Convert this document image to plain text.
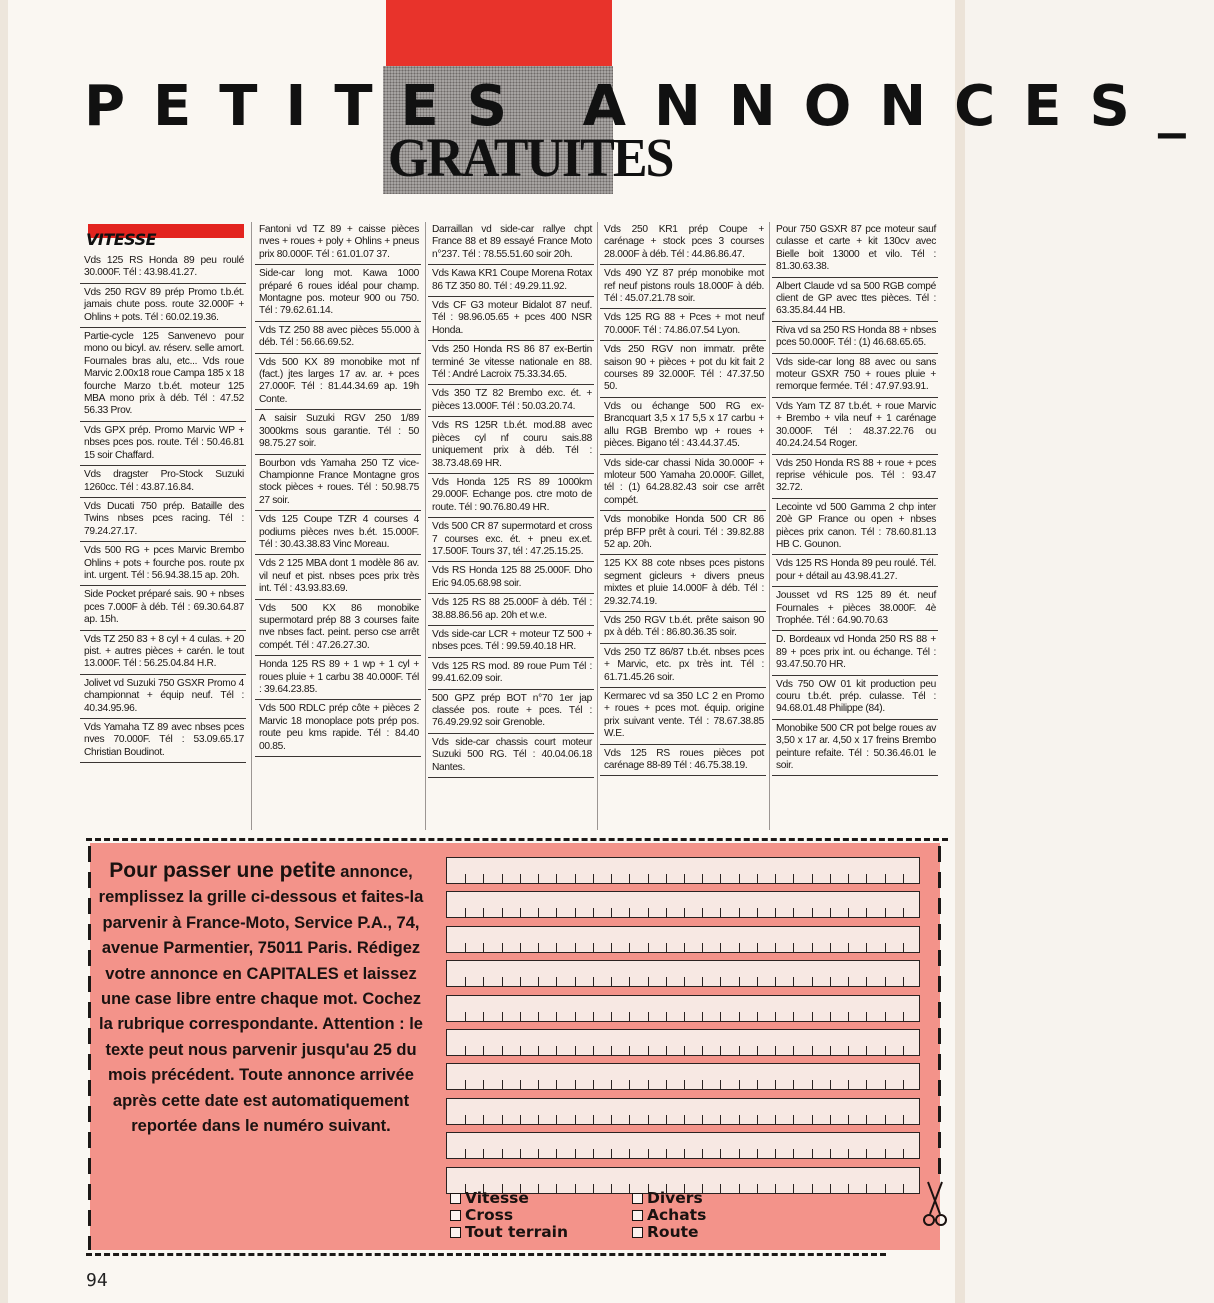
PETITES ANNONCES_
GRATUITES
VITESSE
Vds 125 RS Honda 89 peu roulé 30.000F. Tél : 43.98.41.27.
Vds 250 RGV 89 prép Promo t.b.ét. jamais chute poss. route 32.000F + Ohlins + pots. Tél : 60.02.19.36.
Partie-cycle 125 Sanvenevo pour mono ou bicyl. av. réserv. selle amort. Fournales bras alu, etc... Vds roue Marvic 2.00x18 roue Campa 185 x 18 fourche Marzo t.b.ét. moteur 125 MBA mono prix à déb. Tél : 47.52 56.33 Prov.
Vds GPX prép. Promo Marvic WP + nbses pces pos. route. Tél : 50.46.81 15 soir Chaffard.
Vds dragster Pro-Stock Suzuki 1260cc. Tél : 43.87.16.84.
Vds Ducati 750 prép. Bataille des Twins nbses pces racing. Tél : 79.24.27.17.
Vds 500 RG + pces Marvic Brembo Ohlins + pots + fourche pos. route px int. urgent. Tél : 56.94.38.15 ap. 20h.
Side Pocket préparé sais. 90 + nbses pces 7.000F à déb. Tél : 69.30.64.87 ap. 15h.
Vds TZ 250 83 + 8 cyl + 4 culas. + 20 pist. + autres pièces + carén. le tout 13.000F. Tél : 56.25.04.84 H.R.
Jolivet vd Suzuki 750 GSXR Promo 4 championnat + équip neuf. Tél : 40.34.95.96.
Vds Yamaha TZ 89 avec nbses pces nves 70.000F. Tél : 53.09.65.17 Christian Boudinot.
Fantoni vd TZ 89 + caisse pièces nves + roues + poly + Ohlins + pneus prix 80.000F. Tél : 61.01.07 37.
Side-car long mot. Kawa 1000 préparé 6 roues idéal pour champ. Montagne pos. moteur 900 ou 750. Tél : 79.62.61.14.
Vds TZ 250 88 avec pièces 55.000 à déb. Tél : 56.66.69.52.
Vds 500 KX 89 monobike mot nf (fact.) jtes larges 17 av. ar. + pces 27.000F. Tél : 81.44.34.69 ap. 19h Conte.
A saisir Suzuki RGV 250 1/89 3000kms sous garantie. Tél : 50 98.75.27 soir.
Bourbon vds Yamaha 250 TZ vice-Championne France Montagne gros stock pièces + roues. Tél : 50.98.75 27 soir.
Vds 125 Coupe TZR 4 courses 4 podiums pièces nves b.ét. 15.000F. Tél : 30.43.38.83 Vinc Moreau.
Vds 2 125 MBA dont 1 modèle 86 av. vil neuf et pist. nbses pces prix très int. Tél : 43.93.83.69.
Vds 500 KX 86 monobike supermotard prép 88 3 courses faite nve nbses fact. peint. perso cse arrêt compét. Tél : 47.26.27.30.
Honda 125 RS 89 + 1 wp + 1 cyl + roues pluie + 1 carbu 38 40.000F. Tél : 39.64.23.85.
Vds 500 RDLC prép côte + pièces 2 Marvic 18 monoplace pots prép pos. route peu kms rapide. Tél : 84.40 00.85.
Darraillan vd side-car rallye chpt France 88 et 89 essayé France Moto n°237. Tél : 78.55.51.60 soir 20h.
Vds Kawa KR1 Coupe Morena Rotax 86 TZ 350 80. Tél : 49.29.11.92.
Vds CF G3 moteur Bidalot 87 neuf. Tél : 98.96.05.65 + pces 400 NSR Honda.
Vds 250 Honda RS 86 87 ex-Bertin terminé 3e vitesse nationale en 88. Tél : André Lacroix 75.33.34.65.
Vds 350 TZ 82 Brembo exc. ét. + pièces 13.000F. Tél : 50.03.20.74.
Vds RS 125R t.b.ét. mod.88 avec pièces cyl nf couru sais.88 uniquement prix à déb. Tél : 38.73.48.69 HR.
Vds Honda 125 RS 89 1000km 29.000F. Echange pos. ctre moto de route. Tél : 90.76.80.49 HR.
Vds 500 CR 87 supermotard et cross 7 courses exc. ét. + pneu ex.et. 17.500F. Tours 37, tél : 47.25.15.25.
Vds RS Honda 125 88 25.000F. Dho Eric 94.05.68.98 soir.
Vds 125 RS 88 25.000F à déb. Tél : 38.88.86.56 ap. 20h et w.e.
Vds side-car LCR + moteur TZ 500 + nbses pces. Tél : 99.59.40.18 HR.
Vds 125 RS mod. 89 roue Pum Tél : 99.41.62.09 soir.
500 GPZ prép BOT n°70 1er jap classée pos. route + pces. Tél : 76.49.29.92 soir Grenoble.
Vds side-car chassis court moteur Suzuki 500 RG. Tél : 40.04.06.18 Nantes.
Vds 250 KR1 prép Coupe + carénage + stock pces 3 courses 28.000F à déb. Tél : 44.86.86.47.
Vds 490 YZ 87 prép monobike mot ref neuf pistons rouls 18.000F à déb. Tél : 45.07.21.78 soir.
Vds 125 RG 88 + Pces + mot neuf 70.000F. Tél : 74.86.07.54 Lyon.
Vds 250 RGV non immatr. prête saison 90 + pièces + pot du kit fait 2 courses 89 32.000F. Tél : 47.37.50 50.
Vds ou échange 500 RG ex-Brancquart 3,5 x 17 5,5 x 17 carbu + allu RGB Brembo wp + roues + pièces. Bigano tél : 43.44.37.45.
Vds side-car chassi Nida 30.000F + mloteur 500 Yamaha 20.000F. Gillet, tél : (1) 64.28.82.43 soir cse arrêt compét.
Vds monobike Honda 500 CR 86 prép BFP prêt à couri. Tél : 39.82.88 52 ap. 20h.
125 KX 88 cote nbses pces pistons segment gicleurs + divers pneus mixtes et pluie 14.000F à déb. Tél : 29.32.74.19.
Vds 250 RGV t.b.ét. prête saison 90 px à déb. Tél : 86.80.36.35 soir.
Vds 250 TZ 86/87 t.b.ét. nbses pces + Marvic, etc. px très int. Tél : 61.71.45.26 soir.
Kermarec vd sa 350 LC 2 en Promo + roues + pces mot. équip. origine prix suivant vente. Tél : 78.67.38.85 W.E.
Vds 125 RS roues pièces pot carénage 88-89 Tél : 46.75.38.19.
Pour 750 GSXR 87 pce moteur sauf culasse et carte + kit 130cv avec Bielle boit 13000 et vilo. Tél : 81.30.63.38.
Albert Claude vd sa 500 RGB compé client de GP avec ttes pièces. Tél : 63.35.84.44 HB.
Riva vd sa 250 RS Honda 88 + nbses pces 50.000F. Tél : (1) 46.68.65.65.
Vds side-car long 88 avec ou sans moteur GSXR 750 + roues pluie + remorque fermée. Tél : 47.97.93.91.
Vds Yam TZ 87 t.b.ét. + roue Marvic + Brembo + vila neuf + 1 carénage 30.000F. Tél : 48.37.22.76 ou 40.24.24.54 Roger.
Vds 250 Honda RS 88 + roue + pces reprise véhicule pos. Tél : 93.47 32.72.
Lecointe vd 500 Gamma 2 chp inter 20è GP France ou open + nbses pièces prix canon. Tél : 78.60.81.13 HB C. Gounon.
Vds 125 RS Honda 89 peu roulé. Tél. pour + détail au 43.98.41.27.
Jousset vd RS 125 89 ét. neuf Fournales + pièces 38.000F. 4è Trophée. Tél : 64.90.70.63
D. Bordeaux vd Honda 250 RS 88 + 89 + pces prix int. ou échange. Tél : 93.47.50.70 HR.
Vds 750 OW 01 kit production peu couru t.b.ét. prép. culasse. Tél : 94.68.01.48 Philippe (84).
Monobike 500 CR pot belge roues av 3,50 x 17 ar. 4,50 x 17 freins Brembo peinture refaite. Tél : 50.36.46.01 le soir.
Pour passer une petite annonce, remplissez la grille ci-dessous et faites-la parvenir à France-Moto, Service P.A., 74, avenue Parmentier, 75011 Paris. Rédigez votre annonce en CAPITALES et laissez une case libre entre chaque mot. Cochez la rubrique correspondante. Attention : le texte peut nous parvenir jusqu'au 25 du mois précédent. Toute annonce arrivée après cette date est automatiquement reportée dans le numéro suivant.
Vitesse
Cross
Tout terrain
Divers
Achats
Route
94
